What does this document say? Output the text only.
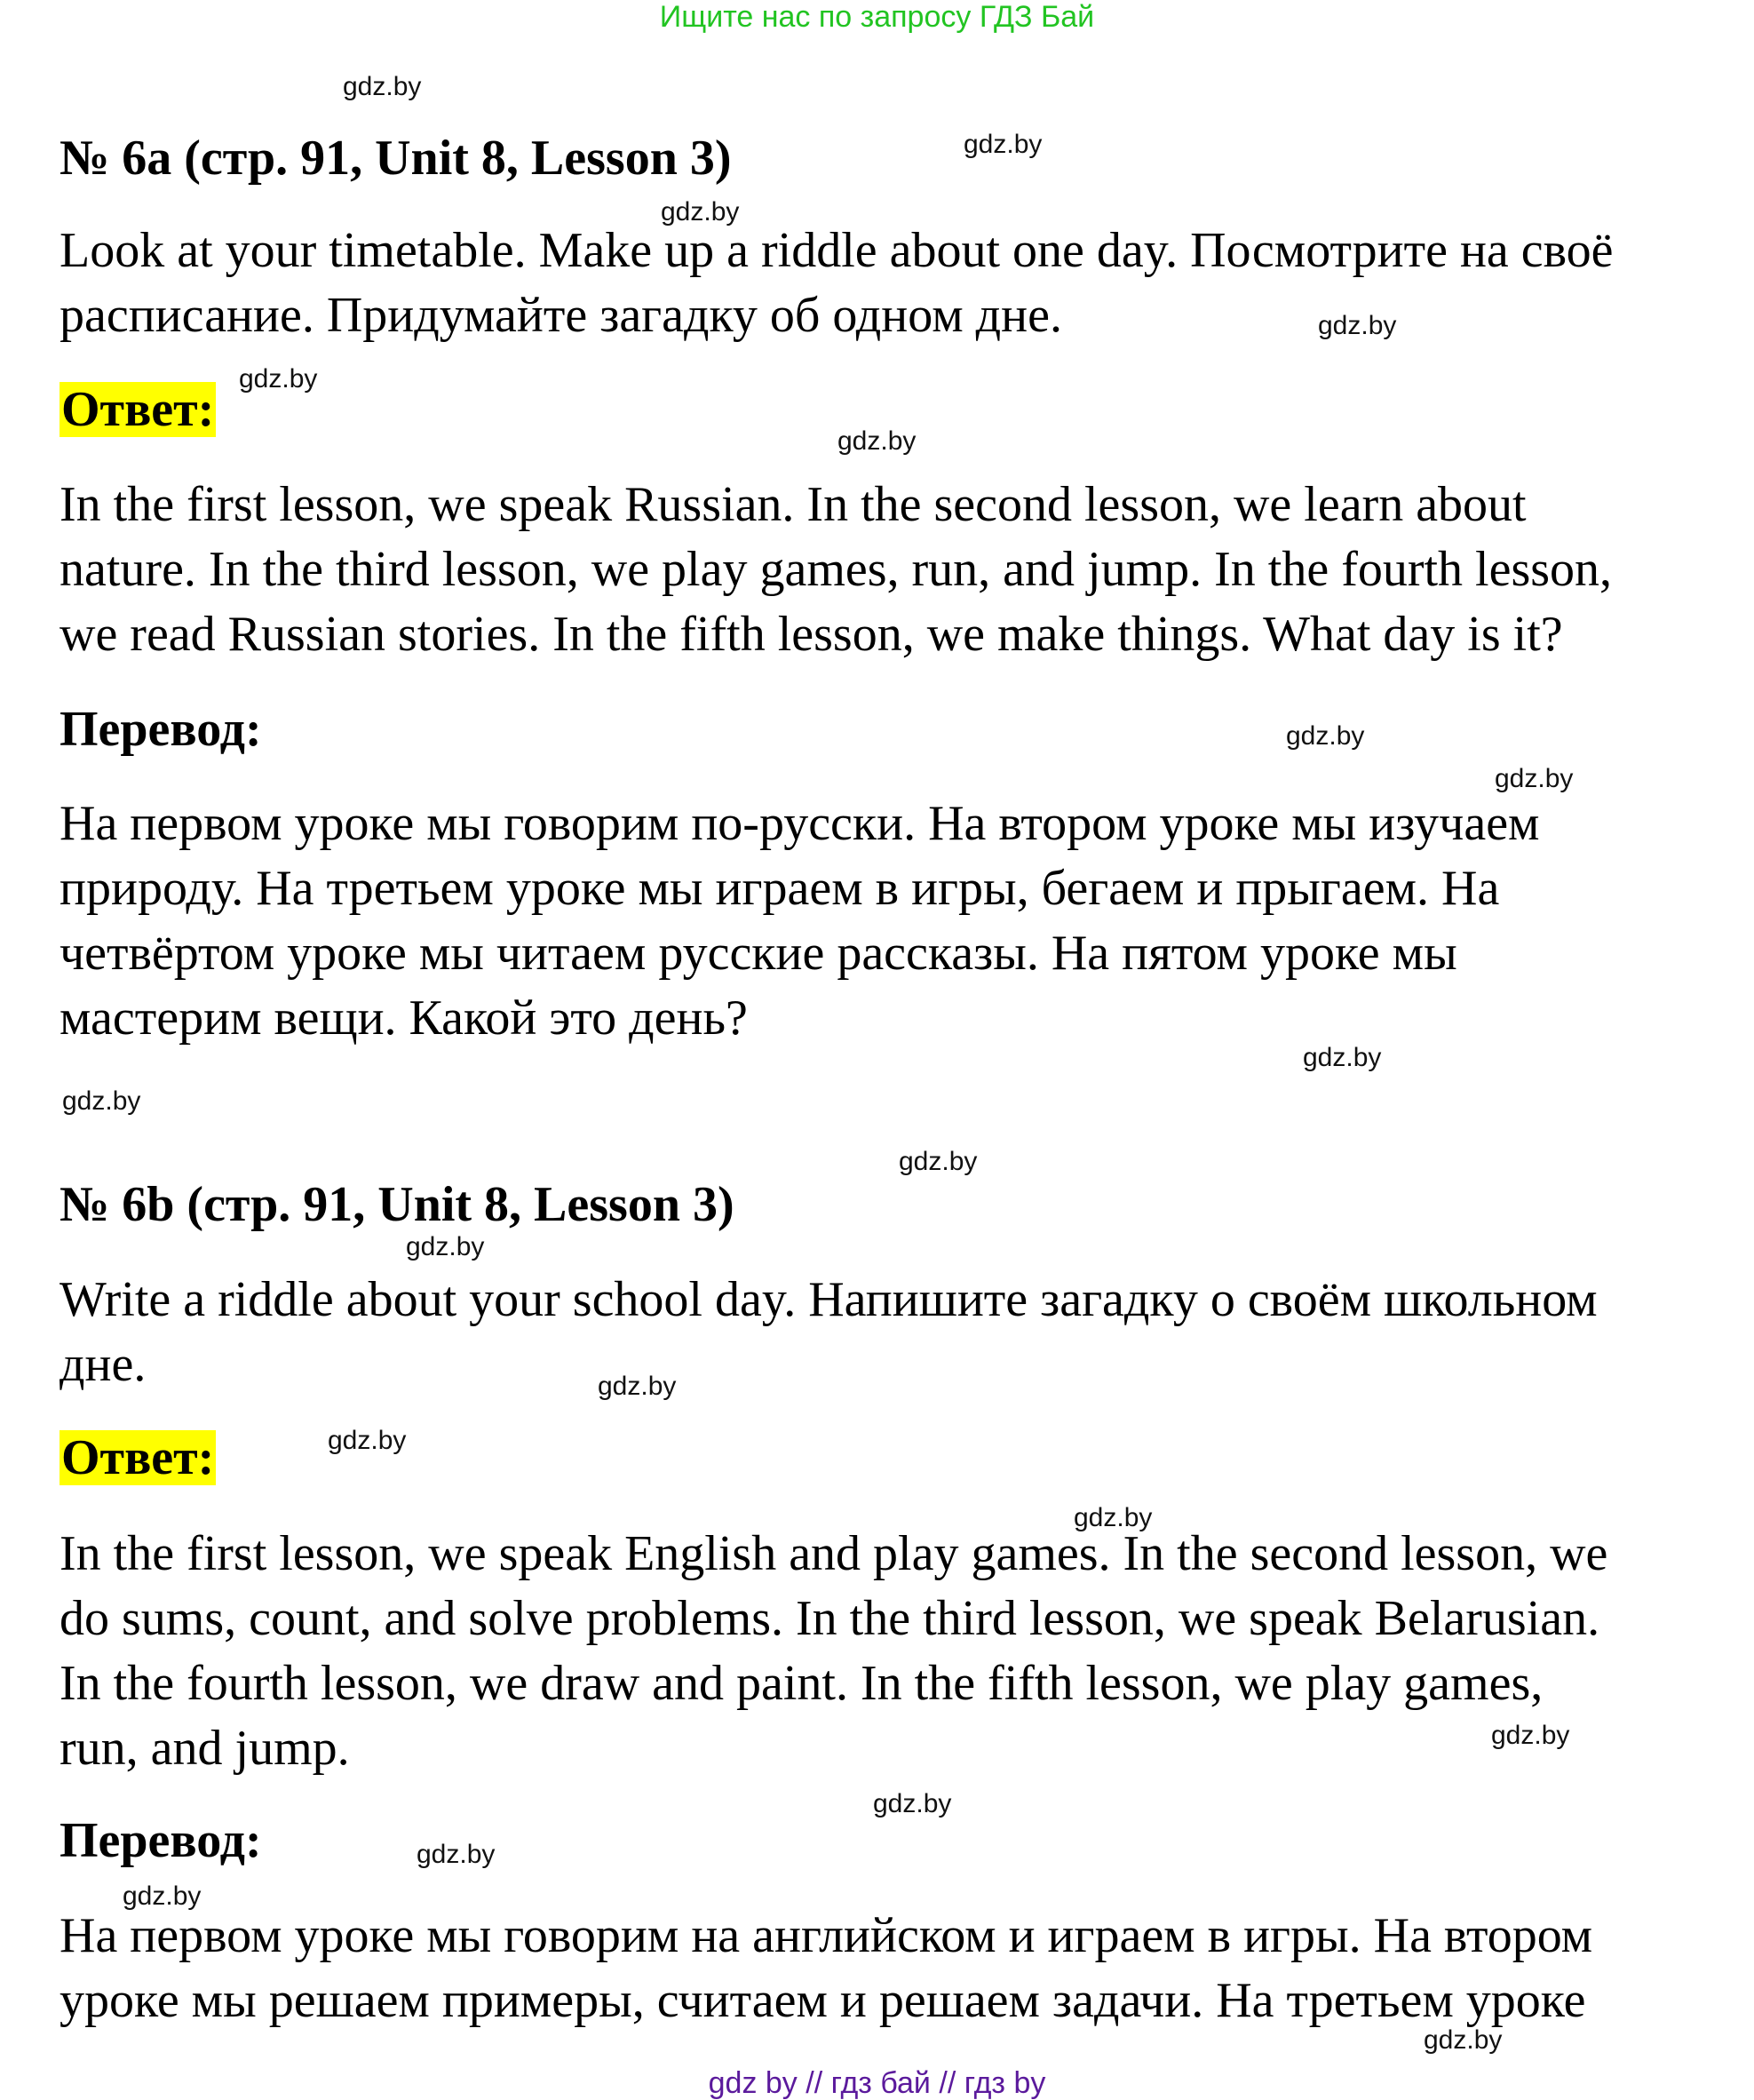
Ищите нас по запросу ГДЗ Бай
№ 6a (стр. 91, Unit 8, Lesson 3)
Look at your timetable. Make up a riddle about one day. Посмотрите на своё
расписание. Придумайте загадку об одном дне.
Ответ:
In the first lesson, we speak Russian. In the second lesson, we learn about
nature. In the third lesson, we play games, run, and jump. In the fourth lesson,
we read Russian stories. In the fifth lesson, we make things. What day is it?
Перевод:
На первом уроке мы говорим по-русски. На втором уроке мы изучаем
природу. На третьем уроке мы играем в игры, бегаем и прыгаем. На
четвёртом уроке мы читаем русские рассказы. На пятом уроке мы
мастерим вещи. Какой это день?
№ 6b (стр. 91, Unit 8, Lesson 3)
Write a riddle about your school day. Напишите загадку о своём школьном
дне.
Ответ:
In the first lesson, we speak English and play games. In the second lesson, we
do sums, count, and solve problems. In the third lesson, we speak Belarusian.
In the fourth lesson, we draw and paint. In the fifth lesson, we play games,
run, and jump.
Перевод:
На первом уроке мы говорим на английском и играем в игры. На втором
уроке мы решаем примеры, считаем и решаем задачи. На третьем уроке
gdz.by
gdz.by
gdz.by
gdz.by
gdz.by
gdz.by
gdz.by
gdz.by
gdz.by
gdz.by
gdz.by
gdz.by
gdz.by
gdz.by
gdz.by
gdz.by
gdz.by
gdz.by
gdz.by
gdz.by
gdz by // гдз бай // гдз by
